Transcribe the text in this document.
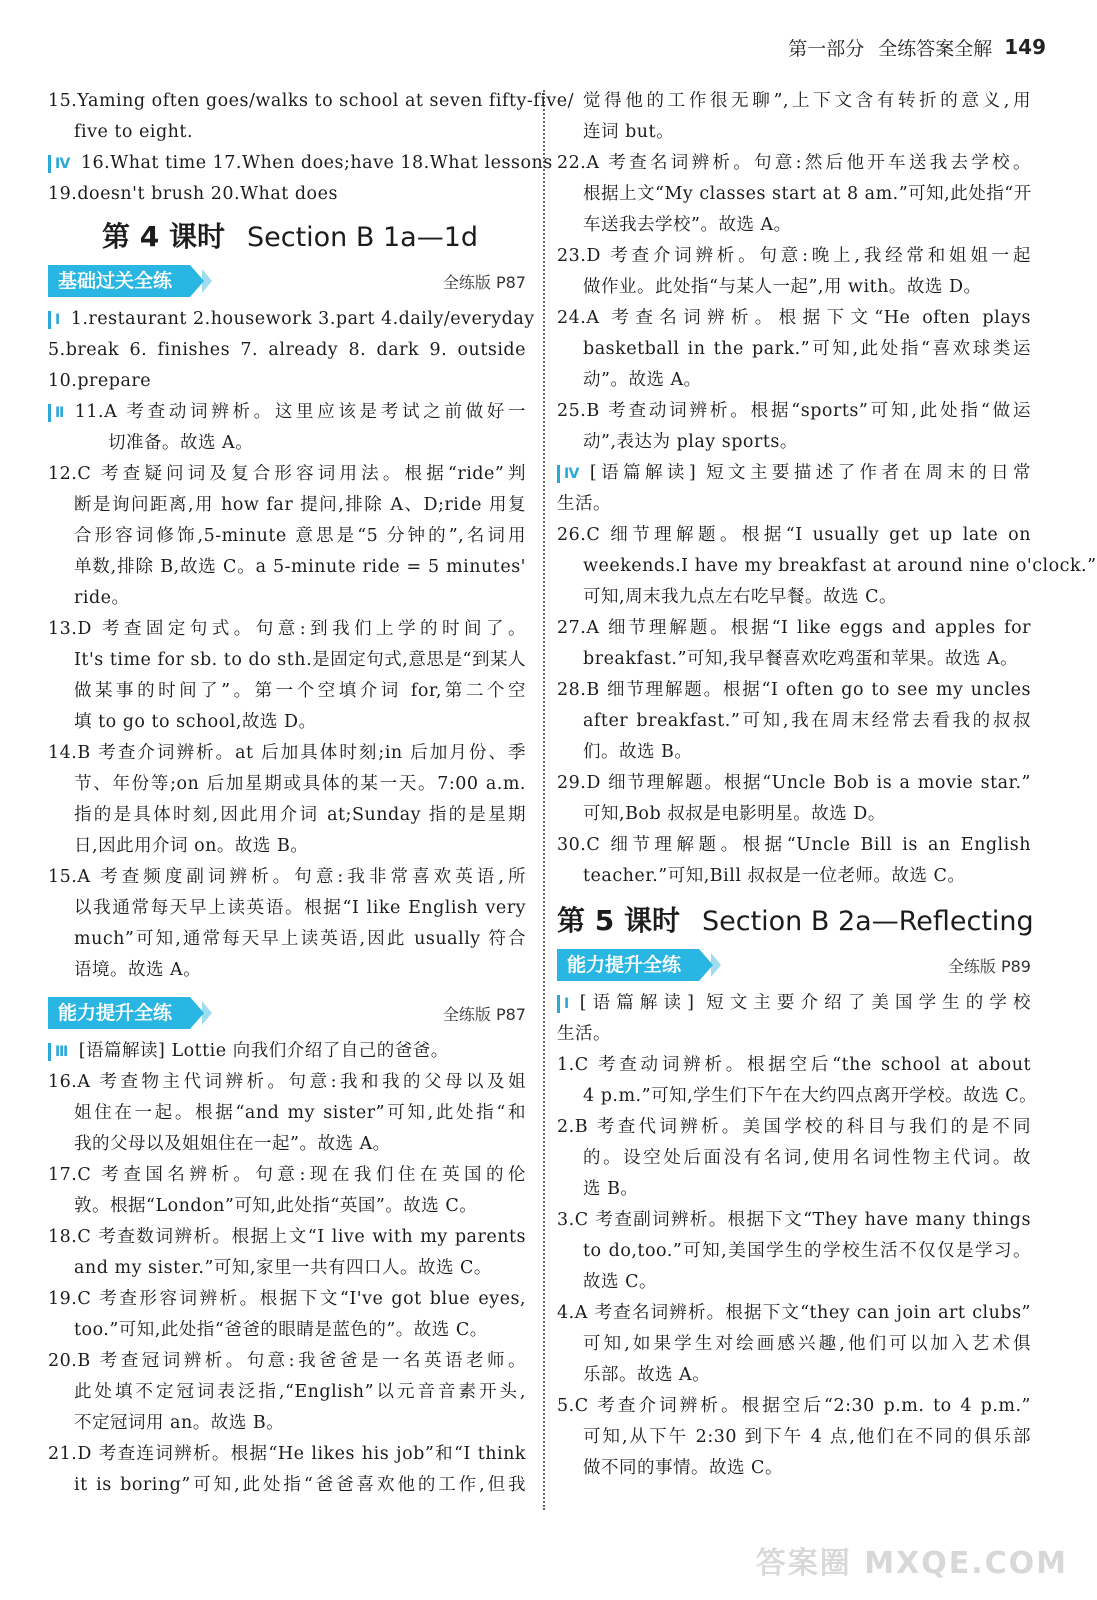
第一部分 全练答案全解 149
15.Yaming often goes/walks to school at seven fifty-five/
five to eight.
Ⅳ 16.What time 17.When does;have 18.What lessons
19.doesn't brush 20.What does
第 4 课时 Section B 1a—1d
基础过关全练	全练版 P87
Ⅰ 1.restaurant 2.housework 3.part 4.daily/everyday
5.break 6. finishes 7. already 8. dark 9. outside
10.prepare
Ⅱ 11.A 考查动词辨析。这里应该是考试之前做好一
切准备。故选 A。
12.C 考查疑问词及复合形容词用法。根据“ride”判
断是询问距离,用 how far 提问,排除 A、D;ride 用复
合形容词修饰,5-minute 意思是“5 分钟的”,名词用
单数,排除 B,故选 C。a 5-minute ride = 5 minutes'
ride。
13.D 考查固定句式。句意:到我们上学的时间了。
It's time for sb. to do sth.是固定句式,意思是“到某人
做某事的时间了”。第一个空填介词 for,第二个空
填 to go to school,故选 D。
14.B 考查介词辨析。at 后加具体时刻;in 后加月份、季
节、年份等;on 后加星期或具体的某一天。7:00 a.m.
指的是具体时刻,因此用介词 at;Sunday 指的是星期
日,因此用介词 on。故选 B。
15.A 考查频度副词辨析。句意:我非常喜欢英语,所
以我通常每天早上读英语。根据“I like English very
much”可知,通常每天早上读英语,因此 usually 符合
语境。故选 A。
能力提升全练	全练版 P87
Ⅲ [语篇解读] Lottie 向我们介绍了自己的爸爸。
16.A 考查物主代词辨析。句意:我和我的父母以及姐
姐住在一起。根据“and my sister”可知,此处指“和
我的父母以及姐姐住在一起”。故选 A。
17.C 考查国名辨析。句意:现在我们住在英国的伦
敦。根据“London”可知,此处指“英国”。故选 C。
18.C 考查数词辨析。根据上文“I live with my parents
and my sister.”可知,家里一共有四口人。故选 C。
19.C 考查形容词辨析。根据下文“I've got blue eyes,
too.”可知,此处指“爸爸的眼睛是蓝色的”。故选 C。
20.B 考查冠词辨析。句意:我爸爸是一名英语老师。
此处填不定冠词表泛指,“English”以元音音素开头,
不定冠词用 an。故选 B。
21.D 考查连词辨析。根据“He likes his job”和“I think
it is boring”可知,此处指“爸爸喜欢他的工作,但我
觉得他的工作很无聊”,上下文含有转折的意义,用
连词 but。
22.A 考查名词辨析。句意:然后他开车送我去学校。
根据上文“My classes start at 8 am.”可知,此处指“开
车送我去学校”。故选 A。
23.D 考查介词辨析。句意:晚上,我经常和姐姐一起
做作业。此处指“与某人一起”,用 with。故选 D。
24.A 考查名词辨析。根据下文“He often plays
basketball in the park.”可知,此处指“喜欢球类运
动”。故选 A。
25.B 考查动词辨析。根据“sports”可知,此处指“做运
动”,表达为 play sports。
Ⅳ [语篇解读] 短文主要描述了作者在周末的日常
生活。
26.C 细节理解题。根据“I usually get up late on
weekends.I have my breakfast at around nine o'clock.”
可知,周末我九点左右吃早餐。故选 C。
27.A 细节理解题。根据“I like eggs and apples for
breakfast.”可知,我早餐喜欢吃鸡蛋和苹果。故选 A。
28.B 细节理解题。根据“I often go to see my uncles
after breakfast.”可知,我在周末经常去看我的叔叔
们。故选 B。
29.D 细节理解题。根据“Uncle Bob is a movie star.”
可知,Bob 叔叔是电影明星。故选 D。
30.C 细节理解题。根据“Uncle Bill is an English
teacher.”可知,Bill 叔叔是一位老师。故选 C。
第 5 课时 Section B 2a—Reflecting
能力提升全练	全练版 P89
Ⅰ [语篇解读] 短文主要介绍了美国学生的学校
生活。
1.C 考查动词辨析。根据空后“the school at about
4 p.m.”可知,学生们下午在大约四点离开学校。故选 C。
2.B 考查代词辨析。美国学校的科目与我们的是不同
的。设空处后面没有名词,使用名词性物主代词。故
选 B。
3.C 考查副词辨析。根据下文“They have many things
to do,too.”可知,美国学生的学校生活不仅仅是学习。
故选 C。
4.A 考查名词辨析。根据下文“they can join art clubs”
可知,如果学生对绘画感兴趣,他们可以加入艺术俱
乐部。故选 A。
5.C 考查介词辨析。根据空后“2:30 p.m. to 4 p.m.”
可知,从下午 2:30 到下午 4 点,他们在不同的俱乐部
做不同的事情。故选 C。
答案圈 MXQE.COM
